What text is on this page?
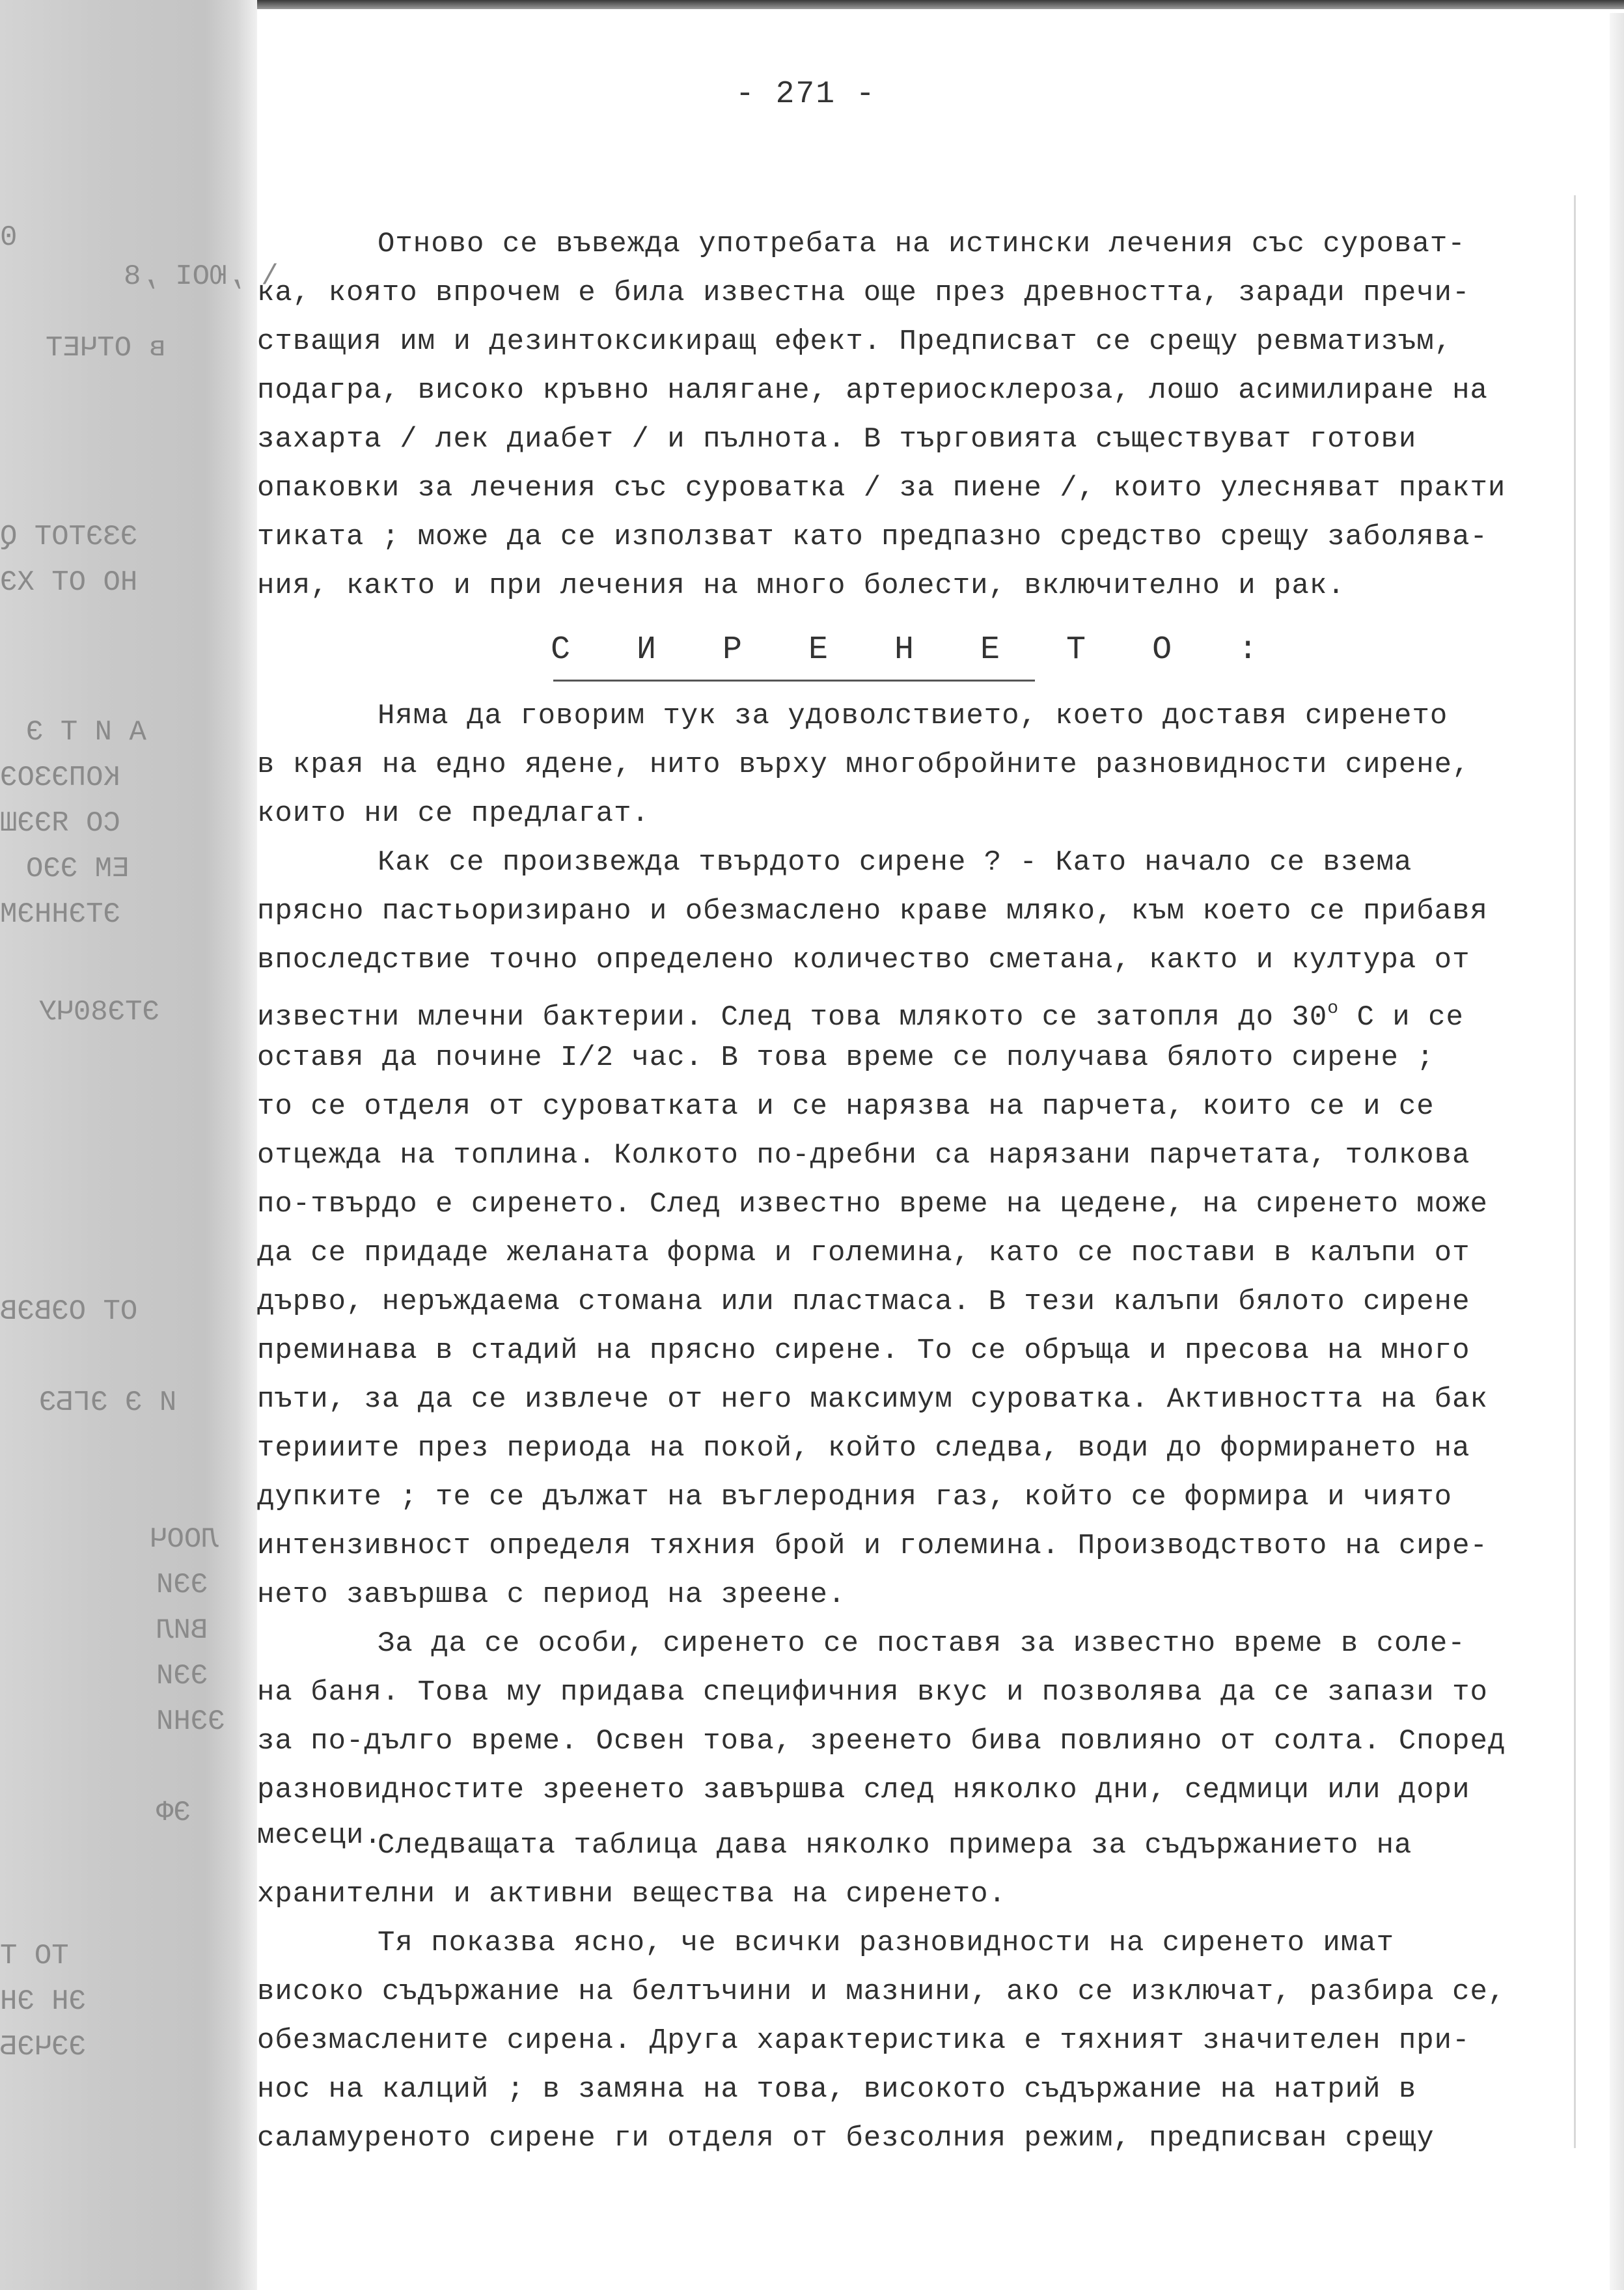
0
\ ,ЮОI ,8
в ОТЧЕТ
ЭЗЭТОТ Q
НО ОТ ХЭ
А И Т Э
КОПЭЗОЭ
СО ЯЭЭШ
ЕМ ЭЭО
ЭТЭННЭМ
ЭТЭ80ЧУ
ОТ ОЭВЭВ
И Э ЭГБЭ
ЛООЧ
ЭЭИ
ВИЛ
ЭЭИ
ЭЭНИ
ЭФ
ТО Т
ЭН ЭН
ЭЭЧЭБ
- 271 -
Отново се въвежда употребата на истински лечения със суроват-
ка, която впрочем е била известна още през древността, заради пречи-
стващия им и дезинтоксикиращ ефект. Предписват се срещу ревматизъм,
подагра, високо кръвно налягане, артериосклероза, лошо асимилиране на
захарта / лек диабет / и пълнота. В търговията съществуват готови
опаковки за лечения със суроватка / за пиене /, които улесняват практи
тиката ; може да се използват като предпазно средство срещу заболява-
ния, както и при лечения на много болести, включително и рак.
С И Р Е Н Е Т О :
Няма да говорим тук за удоволствието, което доставя сиренето
в края на едно ядене, нито върху многобройните разновидности сирене,
които ни се предлагат.
Как се произвежда твърдото сирене ? - Като начало се взема
прясно пастьоризирано и обезмаслено краве мляко, към което се прибавя
впоследствие точно определено количество сметана, както и култура от
известни млечни бактерии. След това млякото се затопля до $30^о$ С и се
оставя да почине I/2 час. В това време се получава бялото сирене ;
то се отделя от суроватката и се нарязва на парчета, които се и се
отцежда на топлина. Колкото по-дребни са нарязани парчетата, толкова
по-твърдо е сиренето. След известно време на цедене, на сиренето може
да се придаде желаната форма и големина, като се постави в калъпи от
дърво, неръждаема стомана или пластмаса. В тези калъпи бялото сирене
преминава в стадий на прясно сирене. То се обръща и пресова на много
пъти, за да се извлече от него максимум суроватка. Активността на бак
терииите през периода на покой, който следва, води до формирането на
дупките ; те се дължат на въглеродния газ, който се формира и чиято
интензивност определя тяхния брой и големина. Производството на сире-
нето завършва с период на зреене.
За да се особи, сиренето се поставя за известно време в соле-
на баня. Това му придава специфичния вкус и позволява да се запази то
за по-дълго време. Освен това, зреенето бива повлияно от солта. Според
разновидностите зреенето завършва след няколко дни, седмици или дори
месеци.
Следващата таблица дава няколко примера за съдържанието на
хранителни и активни вещества на сиренето.
Тя показва ясно, че всички разновидности на сиренето имат
високо съдържание на белтъчини и мазнини, ако се изключат, разбира се,
обезмаслените сирена. Друга характеристика е тяхният значителен при-
нос на калций ; в замяна на това, високото съдържание на натрий в
саламуреното сирене ги отделя от безсолния режим, предписван срещу
